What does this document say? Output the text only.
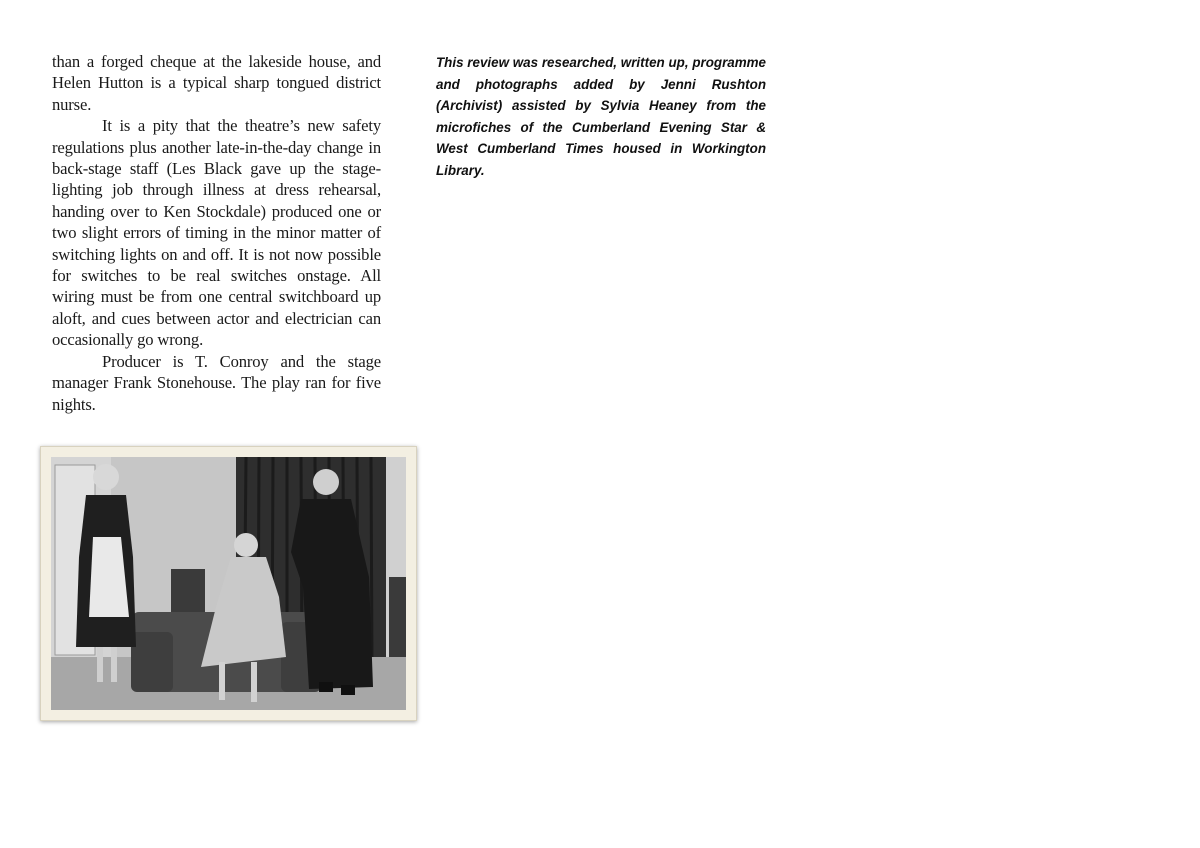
than a forged cheque at the lakeside house, and Helen Hutton is a typical sharp tongued district nurse.

It is a pity that the theatre’s new safety regulations plus another late-in-the-day change in back-stage staff (Les Black gave up the stage-lighting job through illness at dress rehearsal, handing over to Ken Stockdale) produced one or two slight errors of timing in the minor matter of switching lights on and off. It is not now possible for switches to be real switches onstage. All wiring must be from one central switchboard up aloft, and cues between actor and electrician can occasionally go wrong.

Producer is T. Conroy and the stage manager Frank Stonehouse. The play ran for five nights.

This review was researched, written up, programme and photographs added by Jenni Rushton (Archivist) assisted by Sylvia Heaney from the microfiches of the Cumberland Evening Star & West Cumberland Times housed in Workington Library.
